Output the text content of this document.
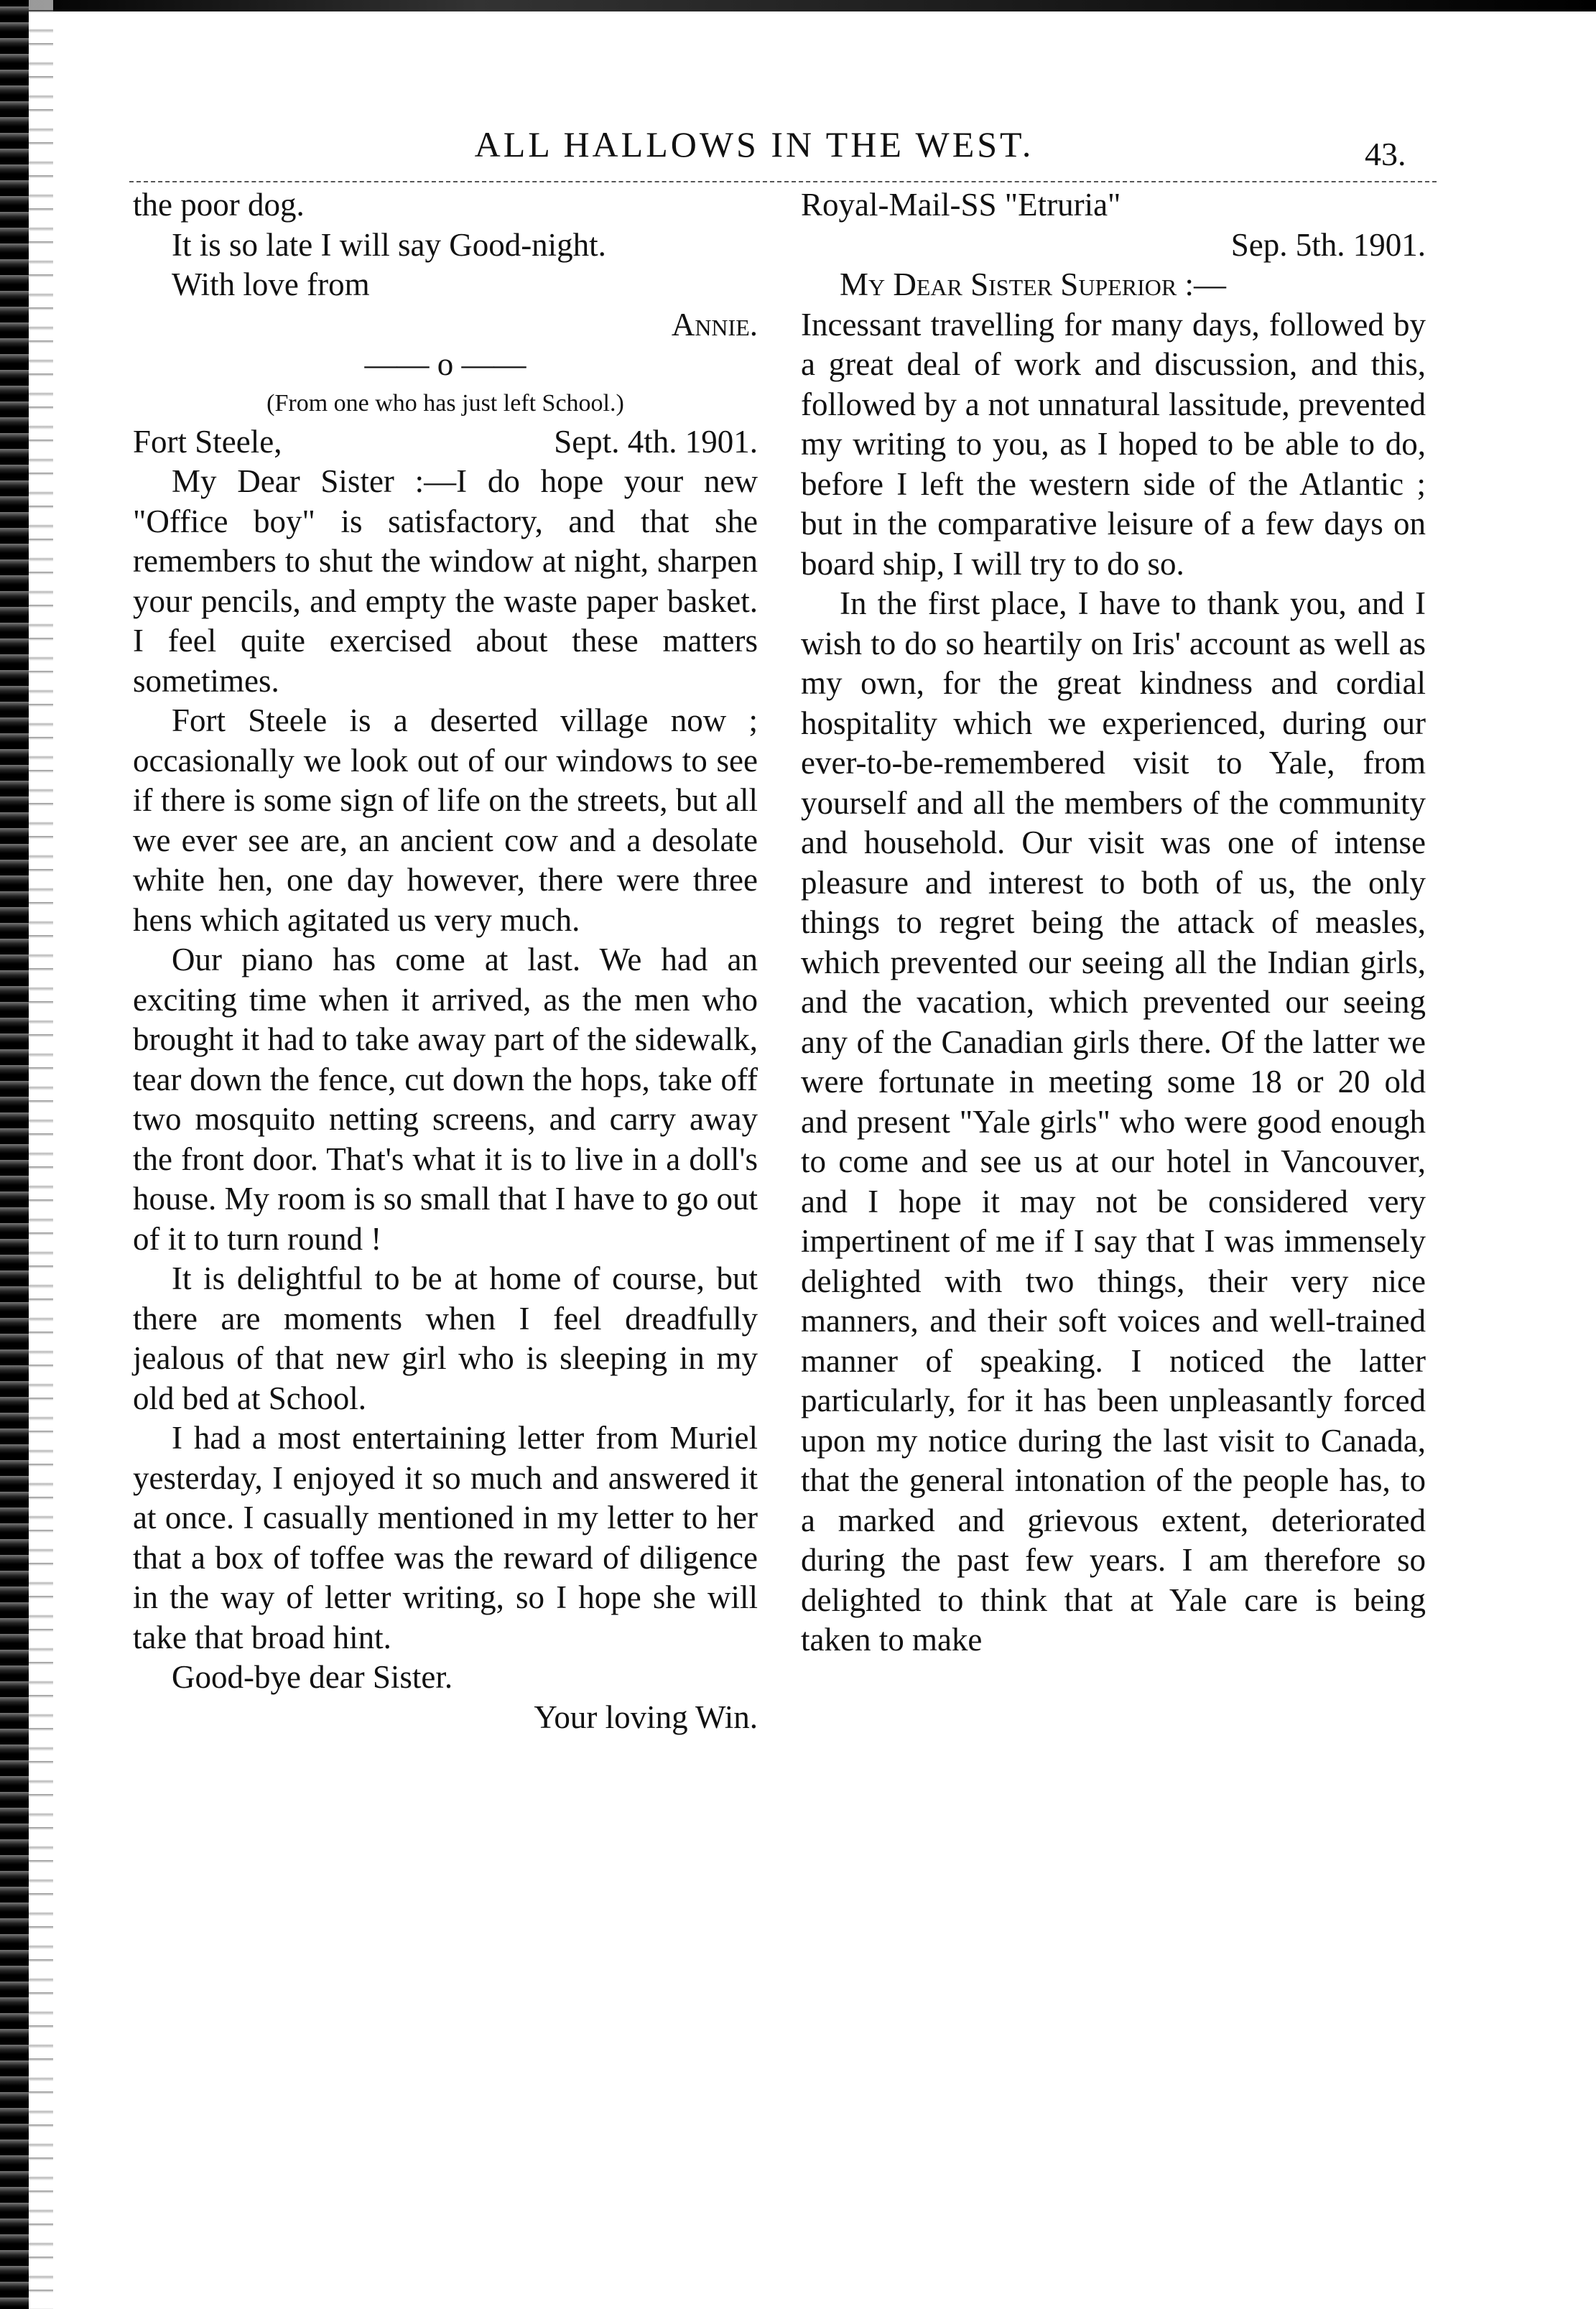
ALL HALLOWS IN THE WEST.	43.

the poor dog.

It is so late I will say Good-night.

With love from

Annie.

—— o ——

(From one who has just left School.)

Fort Steele,	Sept. 4th. 1901.

My Dear Sister :—I do hope your new "Office boy" is satisfactory, and that she remembers to shut the window at night, sharpen your pencils, and empty the waste paper basket. I feel quite exercised about these matters sometimes.

Fort Steele is a deserted village now ; occasionally we look out of our windows to see if there is some sign of life on the streets, but all we ever see are, an ancient cow and a desolate white hen, one day however, there were three hens which agitated us very much.

Our piano has come at last. We had an exciting time when it arrived, as the men who brought it had to take away part of the sidewalk, tear down the fence, cut down the hops, take off two mosquito netting screens, and carry away the front door. That's what it is to live in a doll's house. My room is so small that I have to go out of it to turn round !

It is delightful to be at home of course, but there are moments when I feel dreadfully jealous of that new girl who is sleeping in my old bed at School.

I had a most entertaining letter from Muriel yesterday, I enjoyed it so much and answered it at once. I casually mentioned in my letter to her that a box of toffee was the reward of diligence in the way of letter writing, so I hope she will take that broad hint.

Good-bye dear Sister.

Your loving Win.

Royal-Mail-SS "Etruria"

Sep. 5th. 1901.

My Dear Sister Superior :—

Incessant travelling for many days, followed by a great deal of work and discussion, and this, followed by a not unnatural lassitude, prevented my writing to you, as I hoped to be able to do, before I left the western side of the Atlantic ; but in the comparative leisure of a few days on board ship, I will try to do so.

In the first place, I have to thank you, and I wish to do so heartily on Iris' account as well as my own, for the great kindness and cordial hospitality which we experienced, during our ever-to-be-remembered visit to Yale, from yourself and all the members of the community and household. Our visit was one of intense pleasure and interest to both of us, the only things to regret being the attack of measles, which prevented our seeing all the Indian girls, and the vacation, which prevented our seeing any of the Canadian girls there. Of the latter we were fortunate in meeting some 18 or 20 old and present "Yale girls" who were good enough to come and see us at our hotel in Vancouver, and I hope it may not be considered very impertinent of me if I say that I was immensely delighted with two things, their very nice manners, and their soft voices and well-trained manner of speaking. I noticed the latter particularly, for it has been unpleasantly forced upon my notice during the last visit to Canada, that the general intonation of the people has, to a marked and grievous extent, deteriorated during the past few years. I am therefore so delighted to think that at Yale care is being taken to make
